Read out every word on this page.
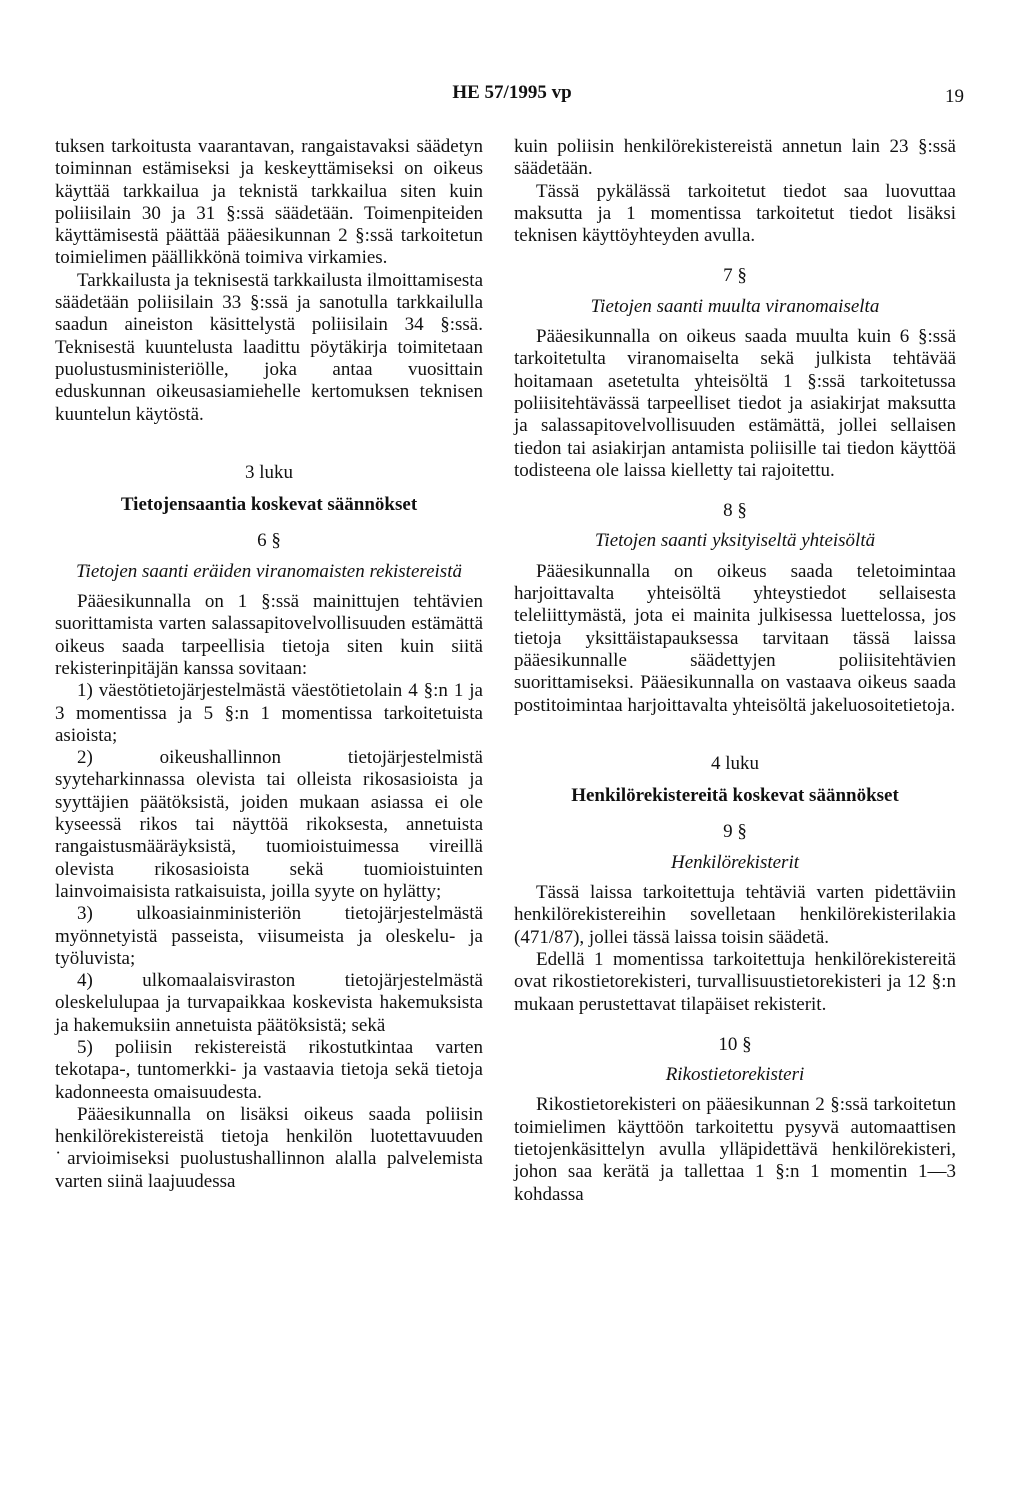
HE 57/1995 vp	19

tuksen tarkoitusta vaarantavan, rangaistavaksi säädetyn toiminnan estämiseksi ja keskeyttämiseksi on oikeus käyttää tarkkailua ja teknistä tarkkailua siten kuin poliisilain 30 ja 31 §:ssä säädetään. Toimenpiteiden käyttämisestä päättää pääesikunnan 2 §:ssä tarkoitetun toimielimen päällikkönä toimiva virkamies.

Tarkkailusta ja teknisestä tarkkailusta ilmoittamisesta säädetään poliisilain 33 §:ssä ja sanotulla tarkkailulla saadun aineiston käsittelystä poliisilain 34 §:ssä. Teknisestä kuuntelusta laadittu pöytäkirja toimitetaan puolustusministeriölle, joka antaa vuosittain eduskunnan oikeusasiamiehelle kertomuksen teknisen kuuntelun käytöstä.

3 luku
Tietojensaantia koskevat säännökset
6 §
Tietojen saanti eräiden viranomaisten rekistereistä

Pääesikunnalla on 1 §:ssä mainittujen tehtävien suorittamista varten salassapitovelvollisuuden estämättä oikeus saada tarpeellisia tietoja siten kuin siitä rekisterinpitäjän kanssa sovitaan:

1) väestötietojärjestelmästä väestötietolain 4 §:n 1 ja 3 momentissa ja 5 §:n 1 momentissa tarkoitetuista asioista;

2) oikeushallinnon tietojärjestelmistä syyteharkinnassa olevista tai olleista rikosasioista ja syyttäjien päätöksistä, joiden mukaan asiassa ei ole kyseessä rikos tai näyttöä rikoksesta, annetuista rangaistusmääräyksistä, tuomioistuimessa vireillä olevista rikosasioista sekä tuomioistuinten lainvoimaisista ratkaisuista, joilla syyte on hylätty;

3) ulkoasiainministeriön tietojärjestelmästä myönnetyistä passeista, viisumeista ja oleskelu- ja työluvista;

4) ulkomaalaisviraston tietojärjestelmästä oleskelulupaa ja turvapaikkaa koskevista hakemuksista ja hakemuksiin annetuista päätöksistä; sekä

5) poliisin rekistereistä rikostutkintaa varten tekotapa-, tuntomerkki- ja vastaavia tietoja sekä tietoja kadonneesta omaisuudesta.

Pääesikunnalla on lisäksi oikeus saada poliisin henkilörekistereistä tietoja henkilön luotettavuuden ˙arvioimiseksi puolustushallinnon alalla palvelemista varten siinä laajuudessa

kuin poliisin henkilörekistereistä annetun lain 23 §:ssä säädetään.

Tässä pykälässä tarkoitetut tiedot saa luovuttaa maksutta ja 1 momentissa tarkoitetut tiedot lisäksi teknisen käyttöyhteyden avulla.

7 §
Tietojen saanti muulta viranomaiselta

Pääesikunnalla on oikeus saada muulta kuin 6 §:ssä tarkoitetulta viranomaiselta sekä julkista tehtävää hoitamaan asetetulta yhteisöltä 1 §:ssä tarkoitetussa poliisitehtävässä tarpeelliset tiedot ja asiakirjat maksutta ja salassapitovelvollisuuden estämättä, jollei sellaisen tiedon tai asiakirjan antamista poliisille tai tiedon käyttöä todisteena ole laissa kielletty tai rajoitettu.

8 §
Tietojen saanti yksityiseltä yhteisöltä

Pääesikunnalla on oikeus saada teletoimintaa harjoittavalta yhteisöltä yhteystiedot sellaisesta teleliittymästä, jota ei mainita julkisessa luettelossa, jos tietoja yksittäistapauksessa tarvitaan tässä laissa pääesikunnalle säädettyjen poliisitehtävien suorittamiseksi. Pääesikunnalla on vastaava oikeus saada postitoimintaa harjoittavalta yhteisöltä jakeluosoitetietoja.

4 luku
Henkilörekistereitä koskevat säännökset
9 §
Henkilörekisterit

Tässä laissa tarkoitettuja tehtäviä varten pidettäviin henkilörekistereihin sovelletaan henkilörekisterilakia (471/87), jollei tässä laissa toisin säädetä.

Edellä 1 momentissa tarkoitettuja henkilörekistereitä ovat rikostietorekisteri, turvallisuustietorekisteri ja 12 §:n mukaan perustettavat tilapäiset rekisterit.

10 §
Rikostietorekisteri

Rikostietorekisteri on pääesikunnan 2 §:ssä tarkoitetun toimielimen käyttöön tarkoitettu pysyvä automaattisen tietojenkäsittelyn avulla ylläpidettävä henkilörekisteri, johon saa kerätä ja tallettaa 1 §:n 1 momentin 1—3 kohdassa
